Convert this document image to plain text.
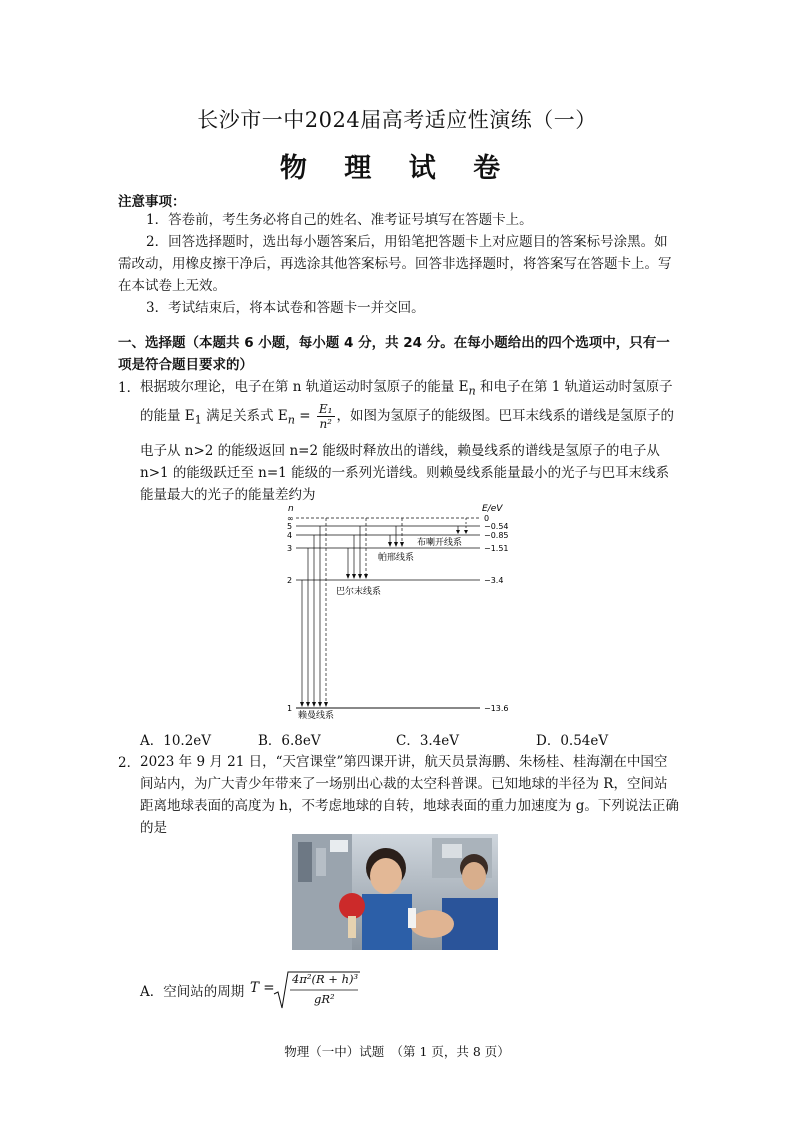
长沙市一中2024届高考适应性演练（一）
物 理 试 卷
注意事项：
1．答卷前，考生务必将自己的姓名、准考证号填写在答题卡上。
2．回答选择题时，选出每小题答案后，用铅笔把答题卡上对应题目的答案标号涂黑。如需改动，用橡皮擦干净后，再选涂其他答案标号。回答非选择题时，将答案写在答题卡上。写在本试卷上无效。
3．考试结束后，将本试卷和答题卡一并交回。
一、选择题（本题共 6 小题，每小题 4 分，共 24 分。在每小题给出的四个选项中，只有一项是符合题目要求的）
1． 根据玻尔理论，电子在第 n 轨道运动时氢原子的能量 $E_n$ 和电子在第 1 轨道运动时氢原子
的能量 $E_1$ 满足关系式 $E_n = \frac{\text{E₁}}{\text{n²}}$ ，如图为氢原子的能级图。巴耳末线系的谱线是氢原子的
电子从 n>2 的能级返回 n=2 能级时释放出的谱线，赖曼线系的谱线是氢原子的电子从
n>1 的能级跃迁至 n=1 能级的一系列光谱线。则赖曼线系能量最小的光子与巴耳末线系
能量最大的光子的能量差约为
n	E/eV
∞
5
4
3
2
1
0
−0.54
−0.85
−1.51
−3.4
−13.6
布喇开线系
帕邢线系
巴尔末线系
赖曼线系
A．10.2eV	B．6.8eV	C．3.4eV	D．0.54eV
2． 2023 年 9 月 21 日，“天宫课堂”第四课开讲，航天员景海鹏、朱杨桂、桂海潮在中国空间站内，为广大青少年带来了一场别出心裁的太空科普课。已知地球的半径为 R，空间站距离地球表面的高度为 h，不考虑地球的自转，地球表面的重力加速度为 g。下列说法正确的是
A．空间站的周期 T =
4π²(R + h)³
gR²
物理（一中）试题　（第 1 页，共 8 页）
